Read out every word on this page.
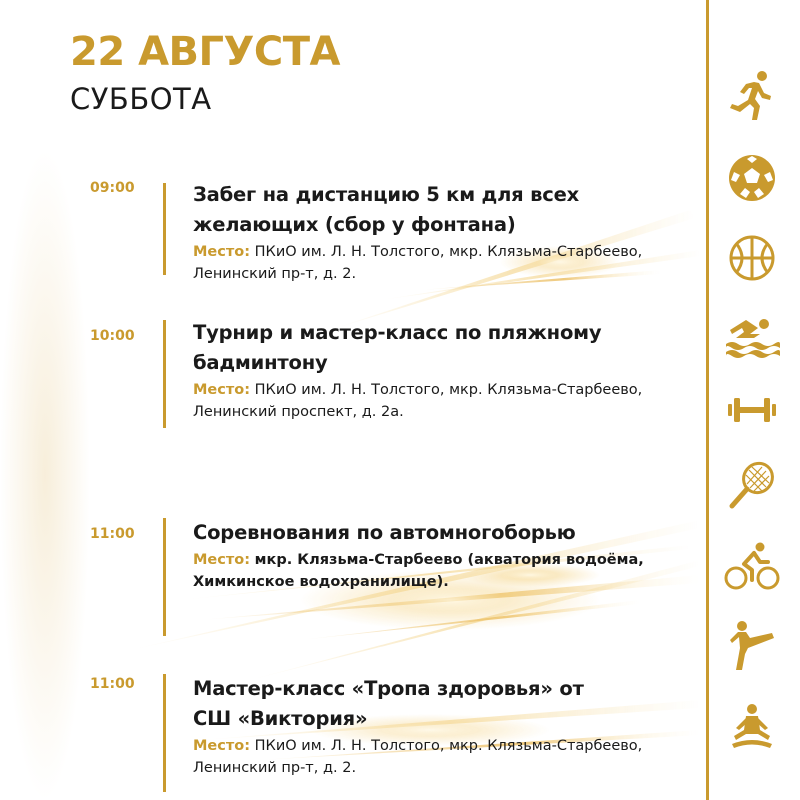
22 АВГУСТА
СУББОТА
09:00	Забег на дистанцию 5 км для всех
желающих (сбор у фонтана)
Место: ПКиО им. Л. Н. Толстого, мкр. Клязьма-Старбеево,
Ленинский пр-т, д. 2.
10:00	Турнир и мастер-класс по пляжному
бадминтону
Место: ПКиО им. Л. Н. Толстого, мкр. Клязьма-Старбеево,
Ленинский проспект, д. 2а.
11:00	Соревнования по автомногоборью
Место: мкр. Клязьма-Старбеево (акватория водоёма,
Химкинское водохранилище).
11:00	Мастер-класс «Тропа здоровья» от
СШ «Виктория»
Место: ПКиО им. Л. Н. Толстого, мкр. Клязьма-Старбеево,
Ленинский пр-т, д. 2.
